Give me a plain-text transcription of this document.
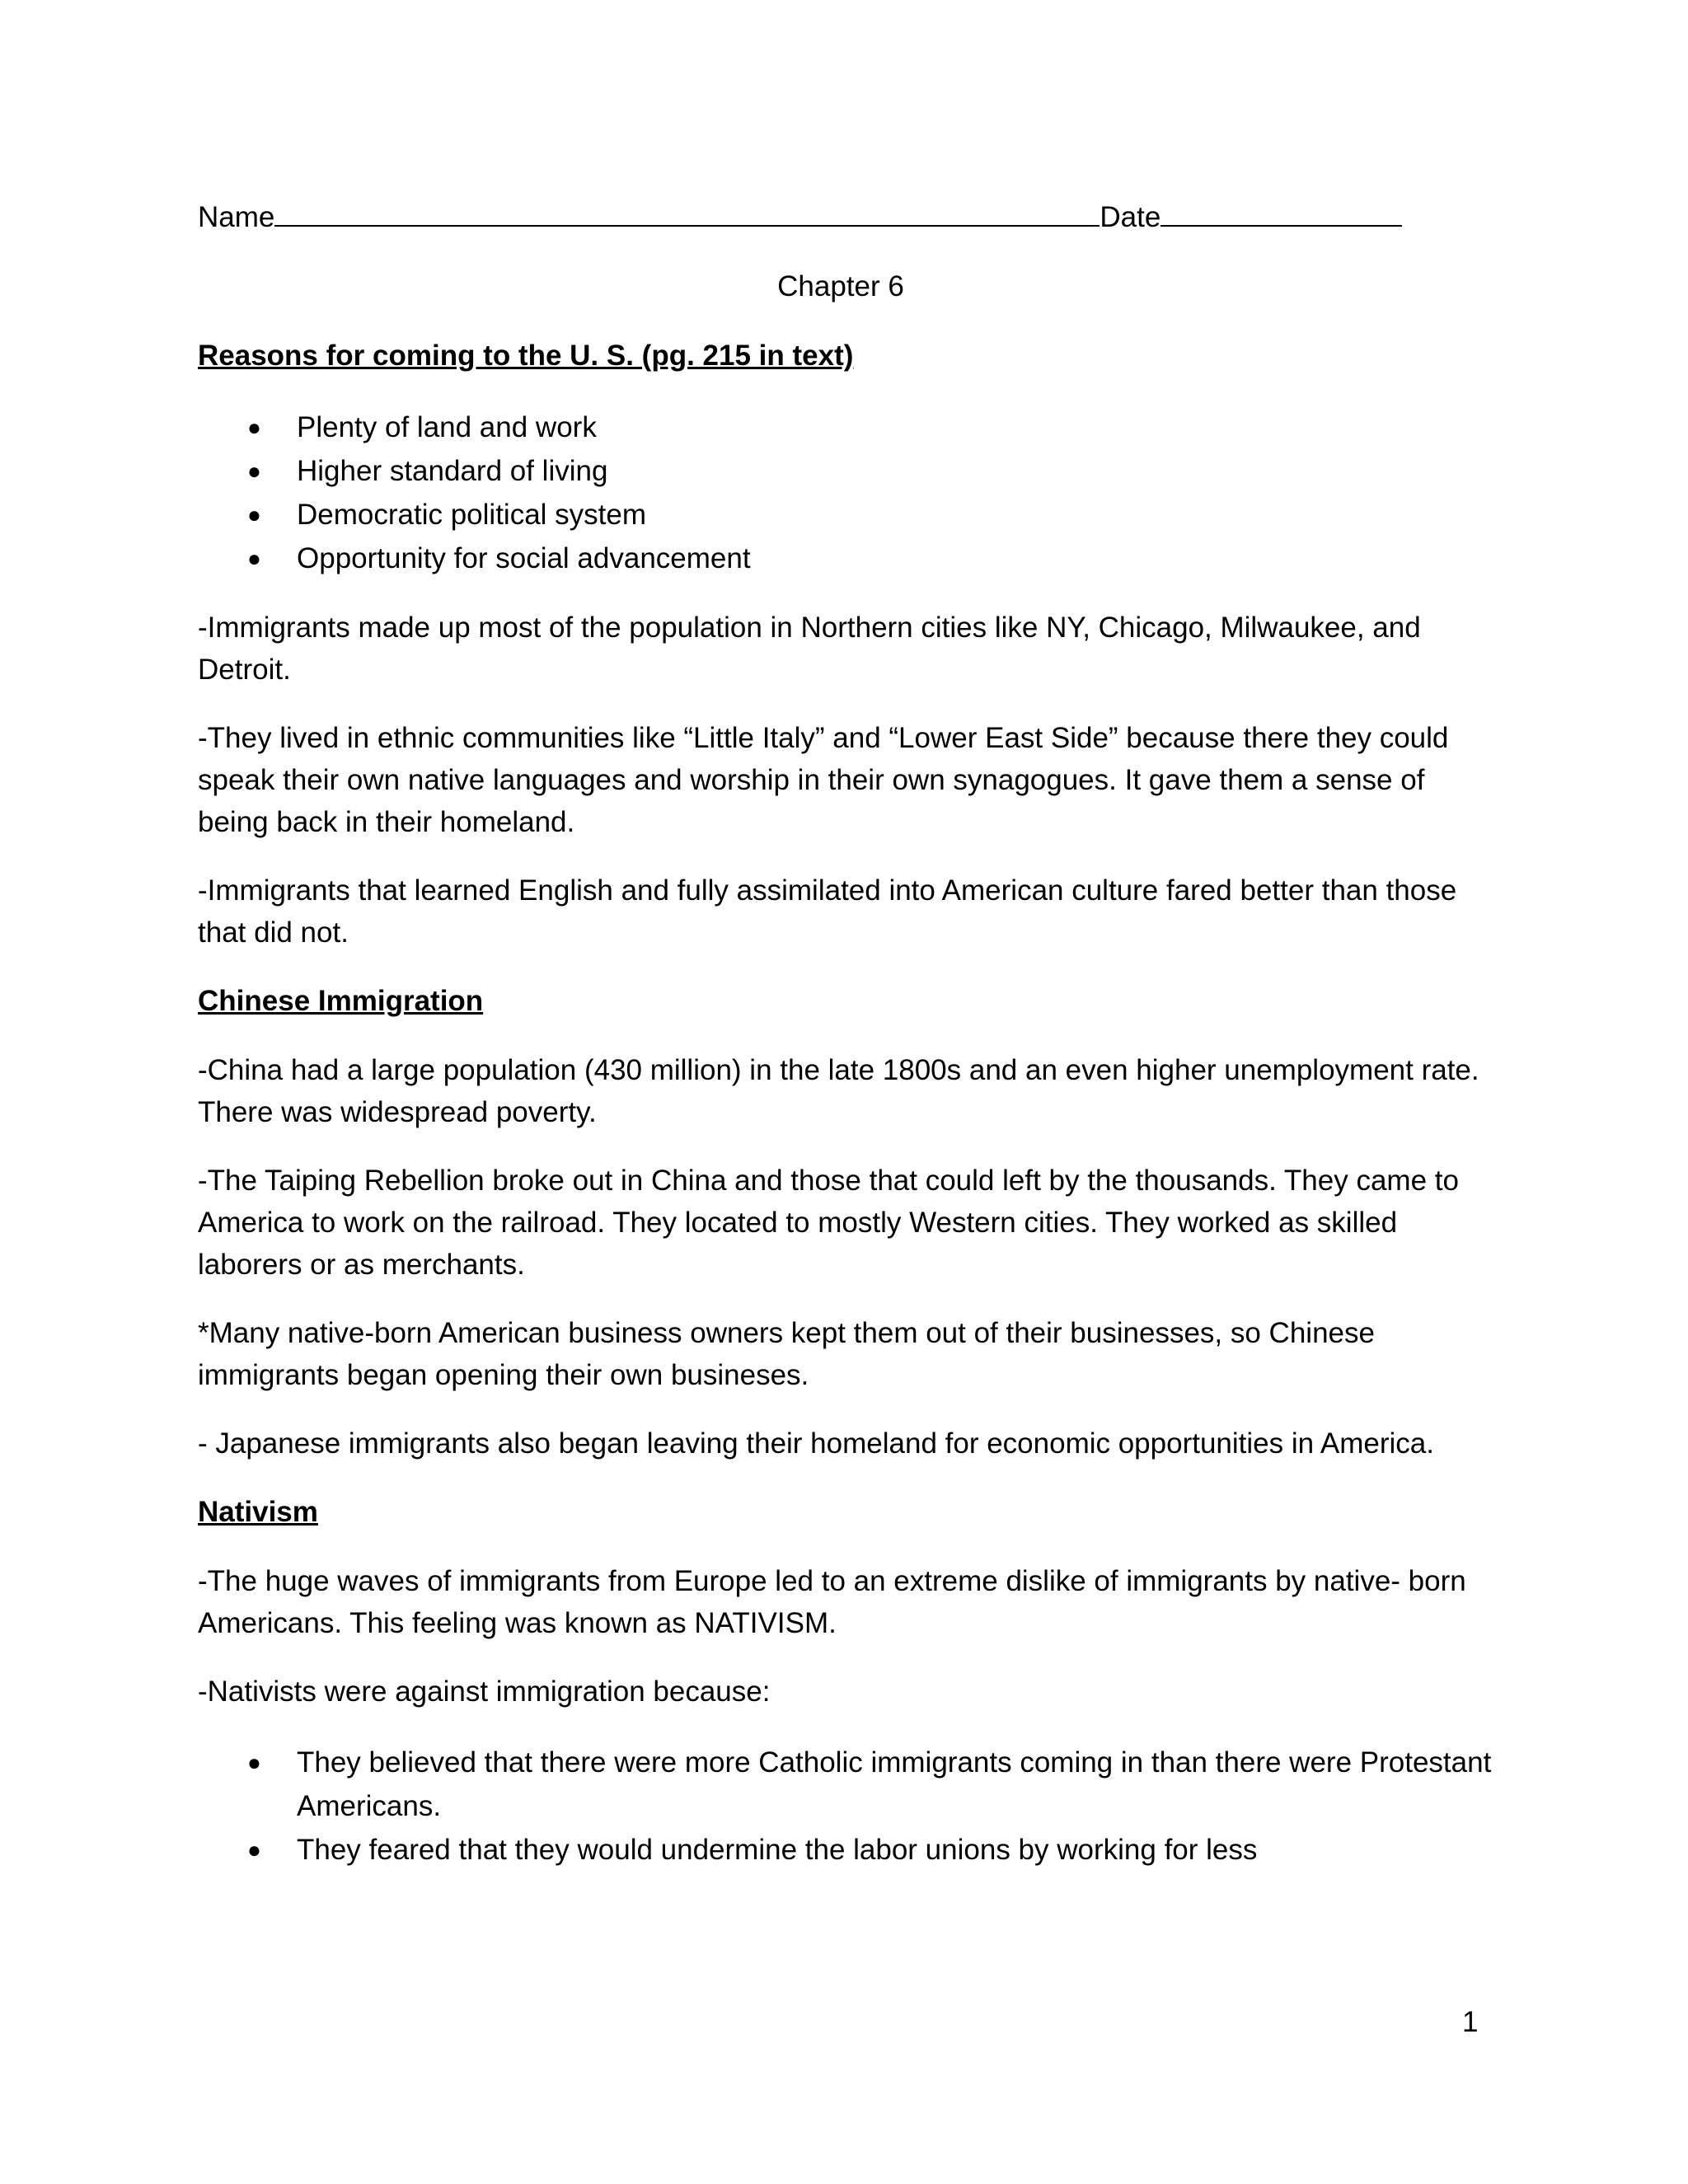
Name	Date
Chapter 6
Reasons for coming to the U. S. (pg. 215 in text)
● Plenty of land and work
● Higher standard of living
● Democratic political system
● Opportunity for social advancement

-Immigrants made up most of the population in Northern cities like NY, Chicago, Milwaukee, and Detroit.

-They lived in ethnic communities like “Little Italy” and “Lower East Side” because there they could speak their own native languages and worship in their own synagogues. It gave them a sense of being back in their homeland.

-Immigrants that learned English and fully assimilated into American culture fared better than those that did not.

Chinese Immigration

-China had a large population (430 million) in the late 1800s and an even higher unemployment rate. There was widespread poverty.

-The Taiping Rebellion broke out in China and those that could left by the thousands. They came to America to work on the railroad. They located to mostly Western cities. They worked as skilled laborers or as merchants.

*Many native-born American business owners kept them out of their businesses, so Chinese immigrants began opening their own busineses.

- Japanese immigrants also began leaving their homeland for economic opportunities in America.

Nativism

-The huge waves of immigrants from Europe led to an extreme dislike of immigrants by native- born Americans. This feeling was known as NATIVISM.

-Nativists were against immigration because:

● They believed that there were more Catholic immigrants coming in than there were Protestant Americans.
● They feared that they would undermine the labor unions by working for less
1
